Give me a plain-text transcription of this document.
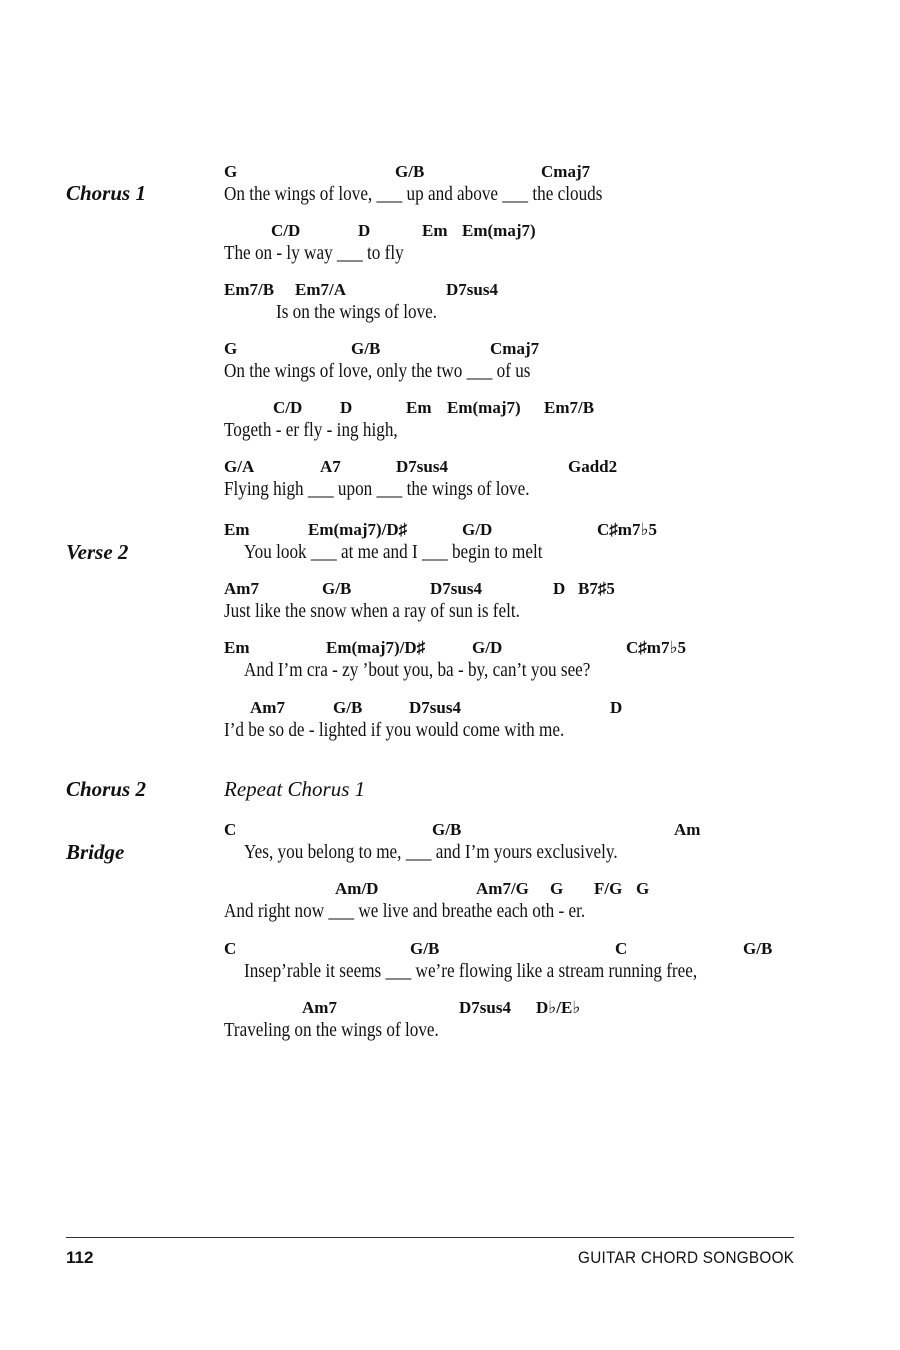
Chorus 1
Verse 2
Chorus 2
Bridge
Repeat Chorus 1
G	G/B	Cmaj7
On the wings of love, ___ up and above ___ the clouds
C/D	D	Em Em(maj7)
The on - ly way ___ to fly
Em7/B Em7/A	D7sus4
Is on the wings of love.
G	G/B	Cmaj7
On the wings of love, only the two ___ of us
C/D D	Em Em(maj7) Em7/B
Togeth - er fly - ing high,
G/A	A7	D7sus4	Gadd2
Flying high ___ upon ___ the wings of love.
Em	Em(maj7)/D♯	G/D	C♯m7♭5
You look ___ at me and I ___ begin to melt
Am7	G/B	D7sus4	D B7♯5
Just like the snow when a ray of sun is felt.
Em	Em(maj7)/D♯	G/D	C♯m7♭5
And I’m cra - zy ’bout you, ba - by, can’t you see?
Am7	G/B	D7sus4	D
I’d be so de - lighted if you would come with me.
C	G/B	Am
Yes, you belong to me, ___ and I’m yours exclusively.
Am/D	Am7/G G F/G G
And right now ___ we live and breathe each oth - er.
C	G/B	C	G/B
Insep’rable it seems ___ we’re flowing like a stream running free,
Am7	D7sus4 D♭/E♭
Traveling on the wings of love.
112	GUITAR CHORD SONGBOOK
